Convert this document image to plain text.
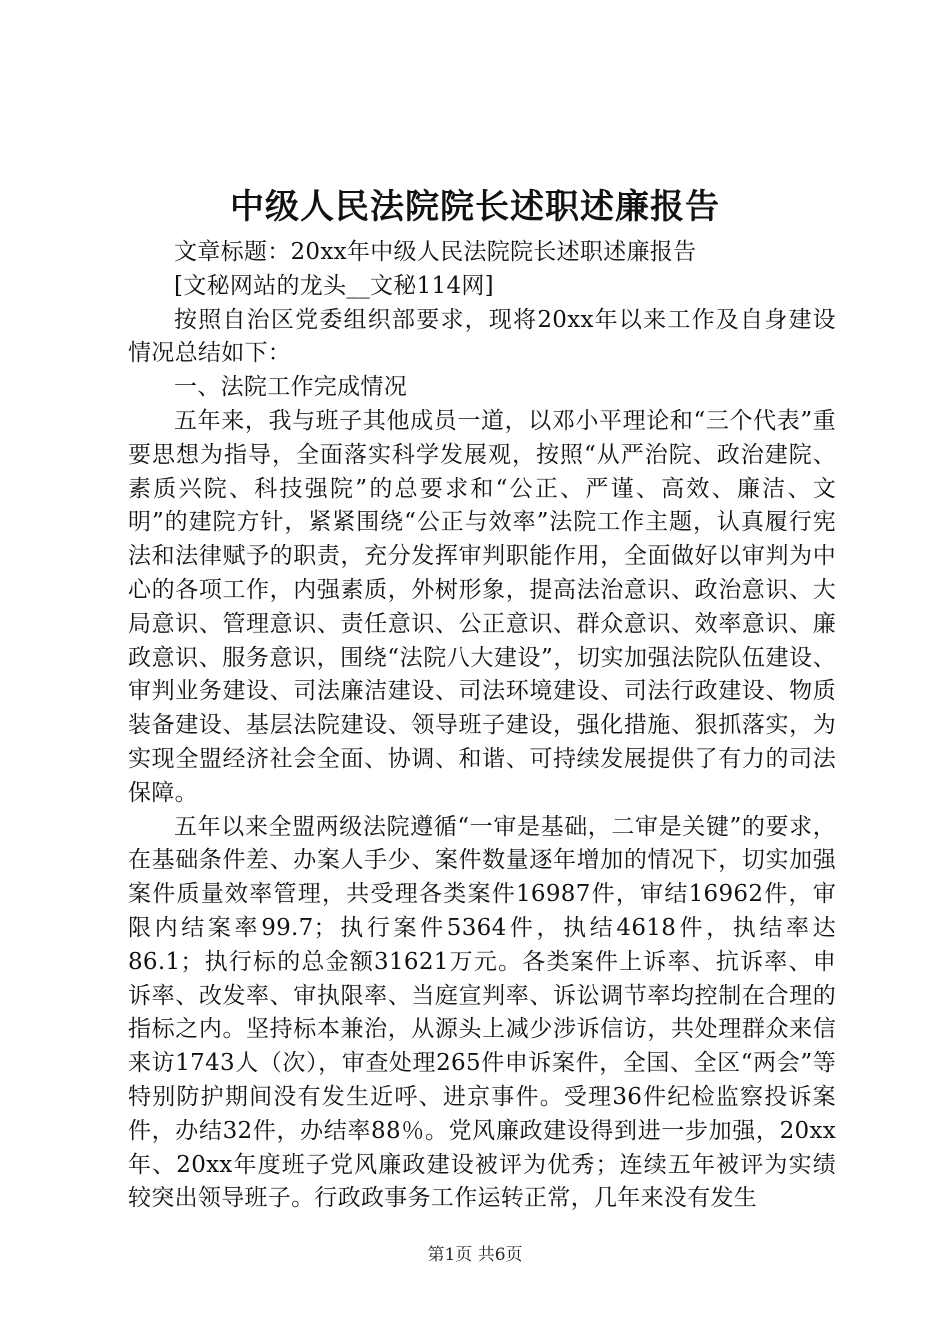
中级人民法院院长述职述廉报告

文章标题：20xx年中级人民法院院长述职述廉报告

[文秘网站的龙头__文秘114网]

按照自治区党委组织部要求，现将20xx年以来工作及自身建设情况总结如下：

一、法院工作完成情况

五年来，我与班子其他成员一道，以邓小平理论和“三个代表”重要思想为指导，全面落实科学发展观，按照“从严治院、政治建院、素质兴院、科技强院”的总要求和“公正、严谨、高效、廉洁、文明”的建院方针，紧紧围绕“公正与效率”法院工作主题，认真履行宪法和法律赋予的职责，充分发挥审判职能作用，全面做好以审判为中心的各项工作，内强素质，外树形象，提高法治意识、政治意识、大局意识、管理意识、责任意识、公正意识、群众意识、效率意识、廉政意识、服务意识，围绕“法院八大建设”，切实加强法院队伍建设、审判业务建设、司法廉洁建设、司法环境建设、司法行政建设、物质装备建设、基层法院建设、领导班子建设，强化措施、狠抓落实，为实现全盟经济社会全面、协调、和谐、可持续发展提供了有力的司法保障。

五年以来全盟两级法院遵循“一审是基础，二审是关键”的要求，在基础条件差、办案人手少、案件数量逐年增加的情况下，切实加强案件质量效率管理，共受理各类案件16987件，审结16962件，审限内结案率99.7；执行案件5364件，执结4618件，执结率达86.1；执行标的总金额31621万元。各类案件上诉率、抗诉率、申诉率、改发率、审执限率、当庭宣判率、诉讼调节率均控制在合理的指标之内。坚持标本兼治，从源头上减少涉诉信访，共处理群众来信来访1743人（次），审查处理265件申诉案件，全国、全区“两会”等特别防护期间没有发生近呼、进京事件。受理36件纪检监察投诉案件，办结32件，办结率88％。党风廉政建设得到进一步加强，20xx年、20xx年度班子党风廉政建设被评为优秀；连续五年被评为实绩较突出领导班子。行政政事务工作运转正常，几年来没有发生

第1页 共6页
